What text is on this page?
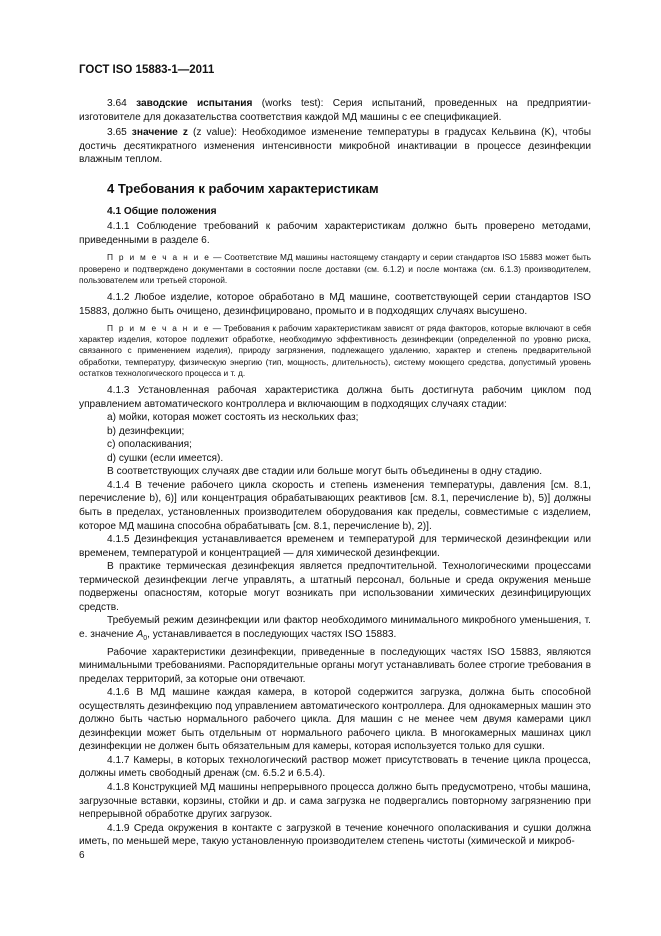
ГОСТ ISO 15883-1—2011

3.64 заводские испытания (works test): Серия испытаний, проведенных на предприятии-изготовителе для доказательства соответствия каждой МД машины с ее спецификацией.

3.65 значение z (z value): Необходимое изменение температуры в градусах Кельвина (K), чтобы достичь десятикратного изменения интенсивности микробной инактивации в процессе дезинфекции влажным теплом.

4 Требования к рабочим характеристикам

4.1 Общие положения

4.1.1 Соблюдение требований к рабочим характеристикам должно быть проверено методами, приведенными в разделе 6.

П р и м е ч а н и е — Соответствие МД машины настоящему стандарту и серии стандартов ISO 15883 может быть проверено и подтверждено документами в состоянии после доставки (см. 6.1.2) и после монтажа (см. 6.1.3) производителем, пользователем или третьей стороной.

4.1.2 Любое изделие, которое обработано в МД машине, соответствующей серии стандартов ISO 15883, должно быть очищено, дезинфицировано, промыто и в подходящих случаях высушено.

П р и м е ч а н и е — Требования к рабочим характеристикам зависят от ряда факторов, которые включают в себя характер изделия, которое подлежит обработке, необходимую эффективность дезинфекции (определенной по уровню риска, связанного с применением изделия), природу загрязнения, подлежащего удалению, характер и степень предварительной обработки, температуру, физическую энергию (тип, мощность, длительность), систему моющего средства, допустимый уровень остатков технологического процесса и т. д.

4.1.3 Установленная рабочая характеристика должна быть достигнута рабочим циклом под управлением автоматического контроллера и включающим в подходящих случаях стадии:

a) мойки, которая может состоять из нескольких фаз;

b) дезинфекции;

c) ополаскивания;

d) сушки (если имеется).

В соответствующих случаях две стадии или больше могут быть объединены в одну стадию.

4.1.4 В течение рабочего цикла скорость и степень изменения температуры, давления [см. 8.1, перечисление b), 6)] или концентрация обрабатывающих реактивов [см. 8.1, перечисление b), 5)] должны быть в пределах, установленных производителем оборудования как пределы, совместимые с изделием, которое МД машина способна обрабатывать [см. 8.1, перечисление b), 2)].

4.1.5 Дезинфекция устанавливается временем и температурой для термической дезинфекции или временем, температурой и концентрацией — для химической дезинфекции.

В практике термическая дезинфекция является предпочтительной. Технологическими процессами термической дезинфекции легче управлять, а штатный персонал, больные и среда окружения меньше подвержены опасностям, которые могут возникать при использовании химических дезинфицирующих средств.

Требуемый режим дезинфекции или фактор необходимого минимального микробного уменьшения, т. е. значение $A_0$, устанавливается в последующих частях ISO 15883.

Рабочие характеристики дезинфекции, приведенные в последующих частях ISO 15883, являются минимальными требованиями. Распорядительные органы могут устанавливать более строгие требования в пределах территорий, за которые они отвечают.

4.1.6 В МД машине каждая камера, в которой содержится загрузка, должна быть способной осуществлять дезинфекцию под управлением автоматического контроллера. Для однокамерных машин это должно быть частью нормального рабочего цикла. Для машин с не менее чем двумя камерами цикл дезинфекции может быть отдельным от нормального рабочего цикла. В многокамерных машинах цикл дезинфекции не должен быть обязательным для камеры, которая используется только для сушки.

4.1.7 Камеры, в которых технологический раствор может присутствовать в течение цикла процесса, должны иметь свободный дренаж (см. 6.5.2 и 6.5.4).

4.1.8 Конструкцией МД машины непрерывного процесса должно быть предусмотрено, чтобы машина, загрузочные вставки, корзины, стойки и др. и сама загрузка не подвергались повторному загрязнению при непрерывной обработке других загрузок.

4.1.9 Среда окружения в контакте с загрузкой в течение конечного ополаскивания и сушки должна иметь, по меньшей мере, такую установленную производителем степень чистоты (химической и микроб-

6
